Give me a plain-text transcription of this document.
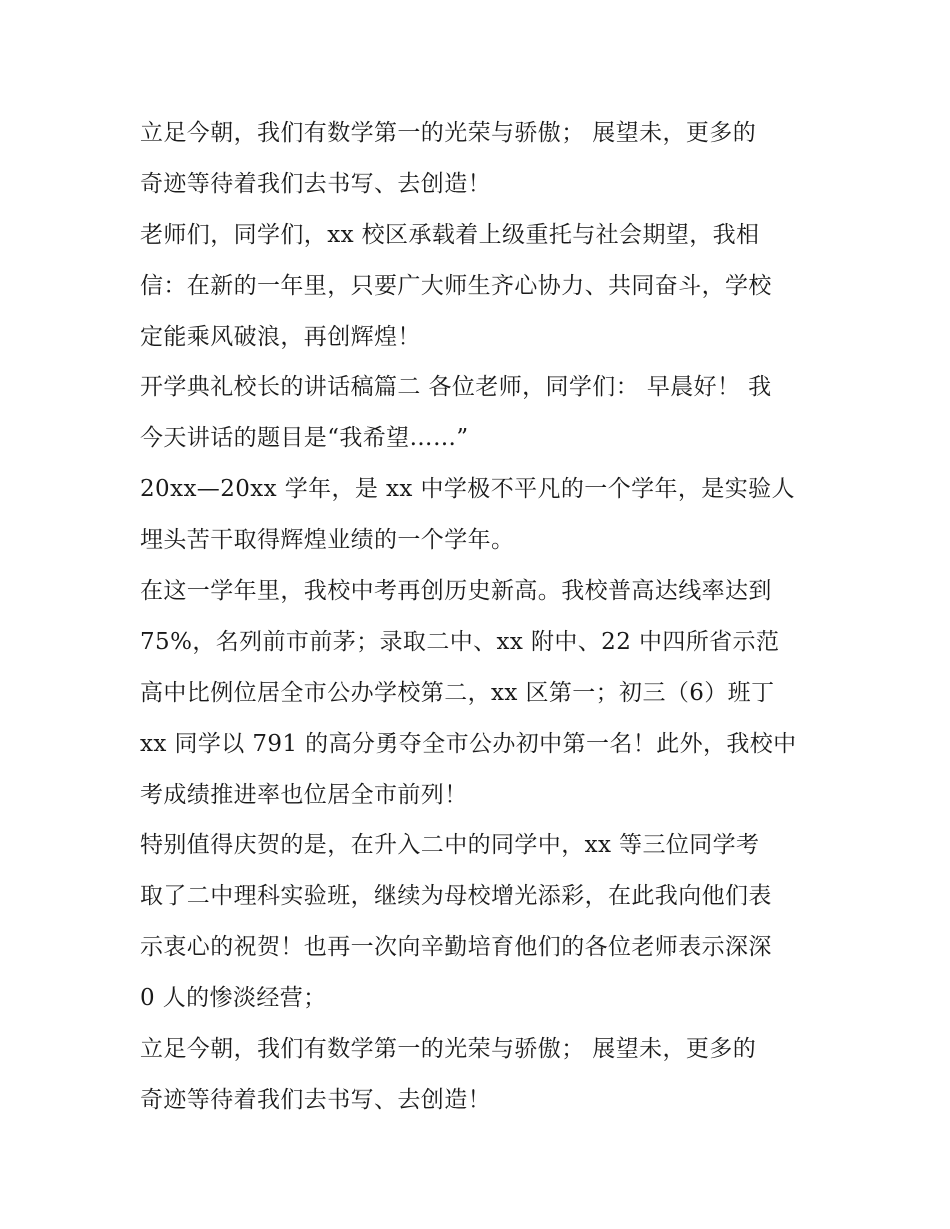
立足今朝，我们有数学第一的光荣与骄傲； 展望未，更多的
奇迹等待着我们去书写、去创造！
老师们，同学们，xx 校区承载着上级重托与社会期望，我相
信：在新的一年里，只要广大师生齐心协力、共同奋斗，学校
定能乘风破浪，再创辉煌！
开学典礼校长的讲话稿篇二 各位老师，同学们： 早晨好！ 我
今天讲话的题目是“我希望……”
20xx—20xx 学年，是 xx 中学极不平凡的一个学年，是实验人
埋头苦干取得辉煌业绩的一个学年。
在这一学年里，我校中考再创历史新高。我校普高达线率达到
75%，名列前市前茅；录取二中、xx 附中、22 中四所省示范
高中比例位居全市公办学校第二，xx 区第一；初三（6）班丁
xx 同学以 791 的高分勇夺全市公办初中第一名！此外，我校中
考成绩推进率也位居全市前列！
特别值得庆贺的是，在升入二中的同学中，xx 等三位同学考
取了二中理科实验班，继续为母校增光添彩，在此我向他们表
示衷心的祝贺！也再一次向辛勤培育他们的各位老师表示深深
0 人的惨淡经营；
立足今朝，我们有数学第一的光荣与骄傲； 展望未，更多的
奇迹等待着我们去书写、去创造！
